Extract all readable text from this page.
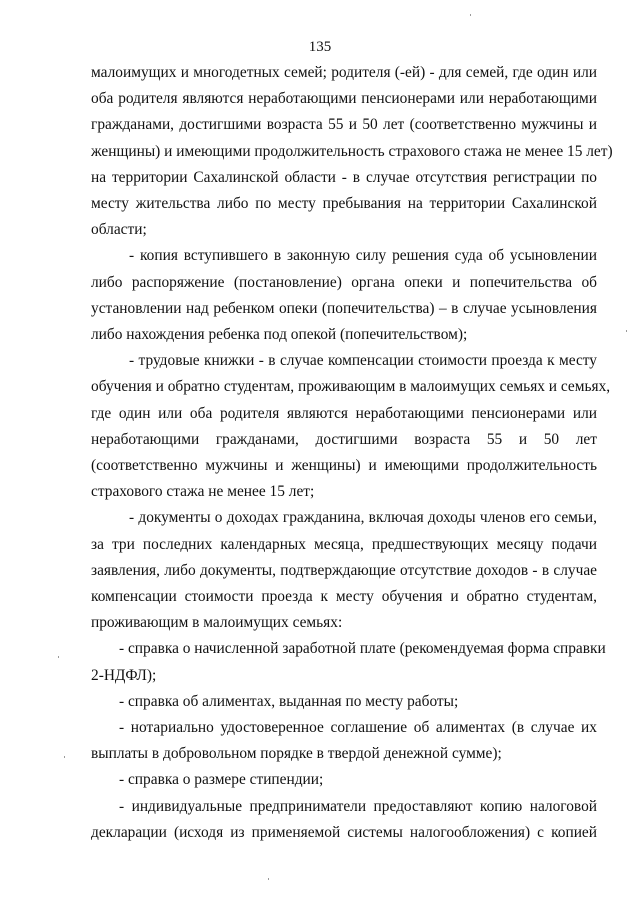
135
малоимущих и многодетных семей; родителя (-ей) - для семей, где один или
оба родителя являются неработающими пенсионерами или неработающими
гражданами, достигшими возраста 55 и 50 лет (соответственно мужчины и
женщины) и имеющими продолжительность страхового стажа не менее 15 лет)
на территории Сахалинской области - в случае отсутствия регистрации по
месту жительства либо по месту пребывания на территории Сахалинской
области;
- копия вступившего в законную силу решения суда об усыновлении
либо распоряжение (постановление) органа опеки и попечительства об
установлении над ребенком опеки (попечительства) – в случае усыновления
либо нахождения ребенка под опекой (попечительством);
- трудовые книжки - в случае компенсации стоимости проезда к месту
обучения и обратно студентам, проживающим в малоимущих семьях и семьях,
где один или оба родителя являются неработающими пенсионерами или
неработающими гражданами, достигшими возраста 55 и 50 лет
(соответственно мужчины и женщины) и имеющими продолжительность
страхового стажа не менее 15 лет;
- документы о доходах гражданина, включая доходы членов его семьи,
за три последних календарных месяца, предшествующих месяцу подачи
заявления, либо документы, подтверждающие отсутствие доходов - в случае
компенсации стоимости проезда к месту обучения и обратно студентам,
проживающим в малоимущих семьях:
- справка о начисленной заработной плате (рекомендуемая форма справки
2-НДФЛ);
- справка об алиментах, выданная по месту работы;
- нотариально удостоверенное соглашение об алиментах (в случае их
выплаты в добровольном порядке в твердой денежной сумме);
- справка о размере стипендии;
- индивидуальные предприниматели предоставляют копию налоговой
декларации (исходя из применяемой системы налогообложения) с копией
